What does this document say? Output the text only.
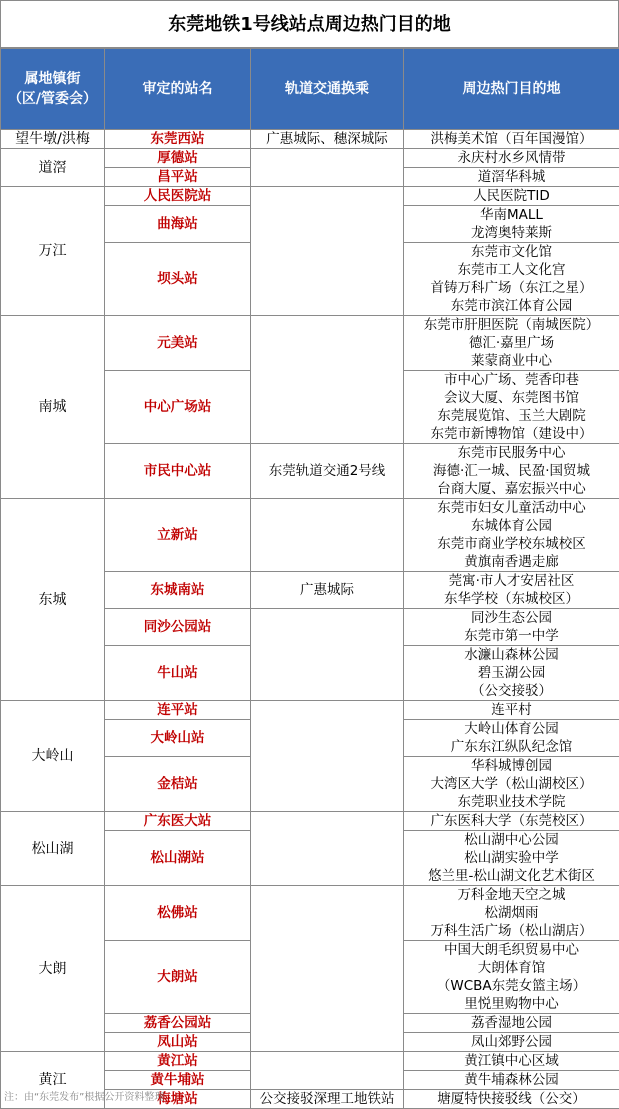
东莞地铁1号线站点周边热门目的地
属地镇街
（区/管委会）	审定的站名	轨道交通换乘	周边热门目的地
望牛墩/洪梅	东莞西站	广惠城际、穗深城际	洪梅美术馆（百年国漫馆）

道滘	厚德站		永庆村水乡风情带

	昌平站		道滘华科城

万江	人民医院站		人民医院TID

	曲海站		华南MALL
龙湾奥特莱斯

	坝头站		东莞市文化馆
东莞市工人文化宫
首铸万科广场（东江之星）
东莞市滨江体育公园

南城	元美站		东莞市肝胆医院（南城医院）
德汇·嘉里广场
莱蒙商业中心

	中心广场站		市中心广场、莞香印巷
会议大厦、东莞图书馆
东莞展览馆、玉兰大剧院
东莞市新博物馆（建设中）

	市民中心站	东莞轨道交通2号线	东莞市民服务中心
海德·汇一城、民盈·国贸城
台商大厦、嘉宏振兴中心

东城	立新站		东莞市妇女儿童活动中心
东城体育公园
东莞市商业学校东城校区
黄旗南香遇走廊

	东城南站	广惠城际	莞寓·市人才安居社区
东华学校（东城校区）

	同沙公园站		同沙生态公园
东莞市第一中学

	牛山站		水濂山森林公园
碧玉湖公园
（公交接驳）

大岭山	连平站		连平村

	大岭山站		大岭山体育公园
广东东江纵队纪念馆

	金桔站		华科城博创园
大湾区大学（松山湖校区）
东莞职业技术学院

松山湖	广东医大站		广东医科大学（东莞校区）

	松山湖站		松山湖中心公园
松山湖实验中学
悠兰里-松山湖文化艺术街区

大朗	松佛站		万科金地天空之城
松湖烟雨
万科生活广场（松山湖店）

	大朗站		中国大朗毛织贸易中心
大朗体育馆
（WCBA东莞女篮主场）
里悦里购物中心

	荔香公园站		荔香湿地公园

	凤山站		凤山郊野公园

黄江	黄江站		黄江镇中心区域

	黄牛埔站		黄牛埔森林公园

	梅塘站	公交接驳深理工地铁站	塘厦特快接驳线（公交）
注：由“东莞发布”根据公开资料整理
